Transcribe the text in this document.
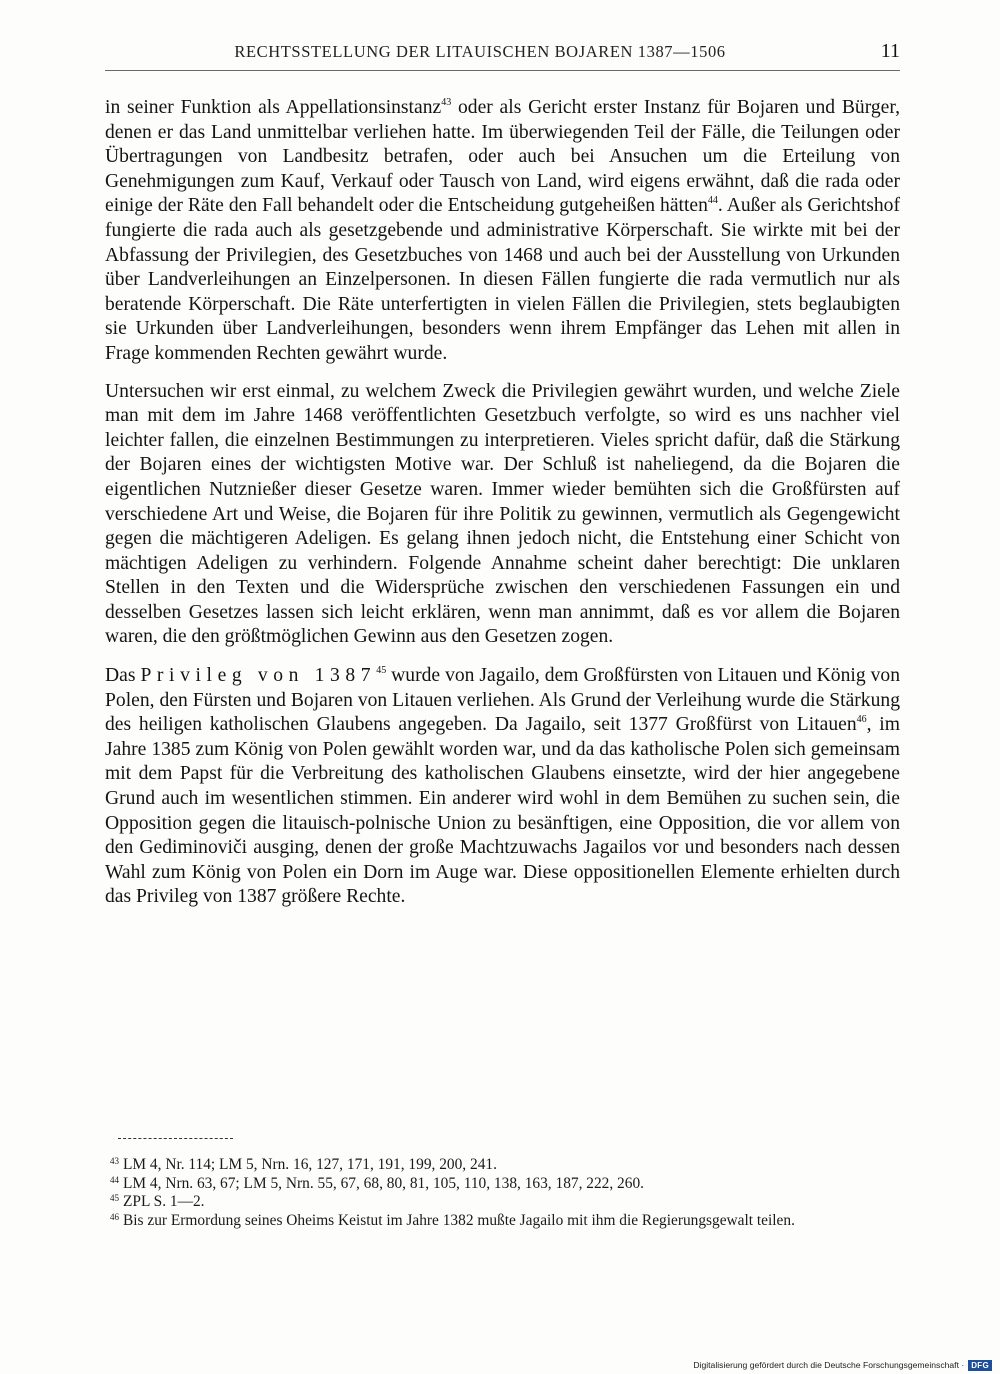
RECHTSSTELLUNG DER LITAUISCHEN BOJAREN 1387—1506	11

in seiner Funktion als Appellationsinstanz$^{43}$ oder als Gericht erster Instanz für Bojaren und Bürger, denen er das Land unmittelbar verliehen hatte. Im überwiegenden Teil der Fälle, die Teilungen oder Übertragungen von Landbesitz betrafen, oder auch bei Ansuchen um die Erteilung von Genehmigungen zum Kauf, Verkauf oder Tausch von Land, wird eigens erwähnt, daß die rada oder einige der Räte den Fall behandelt oder die Entscheidung gutgeheißen hätten$^{44}$. Außer als Gerichtshof fungierte die rada auch als gesetzgebende und administrative Körperschaft. Sie wirkte mit bei der Abfassung der Privilegien, des Gesetzbuches von 1468 und auch bei der Ausstellung von Urkunden über Landverleihungen an Einzelpersonen. In diesen Fällen fungierte die rada vermutlich nur als beratende Körperschaft. Die Räte unterfertigten in vielen Fällen die Privilegien, stets beglaubigten sie Urkunden über Landverleihungen, besonders wenn ihrem Empfänger das Lehen mit allen in Frage kommenden Rechten gewährt wurde.

Untersuchen wir erst einmal, zu welchem Zweck die Privilegien gewährt wurden, und welche Ziele man mit dem im Jahre 1468 veröffentlichten Gesetzbuch verfolgte, so wird es uns nachher viel leichter fallen, die einzelnen Bestimmungen zu interpretieren. Vieles spricht dafür, daß die Stärkung der Bojaren eines der wichtigsten Motive war. Der Schluß ist naheliegend, da die Bojaren die eigentlichen Nutznießer dieser Gesetze waren. Immer wieder bemühten sich die Großfürsten auf verschiedene Art und Weise, die Bojaren für ihre Politik zu gewinnen, vermutlich als Gegengewicht gegen die mächtigeren Adeligen. Es gelang ihnen jedoch nicht, die Entstehung einer Schicht von mächtigen Adeligen zu verhindern. Folgende Annahme scheint daher berechtigt: Die unklaren Stellen in den Texten und die Widersprüche zwischen den verschiedenen Fassungen ein und desselben Gesetzes lassen sich leicht erklären, wenn man annimmt, daß es vor allem die Bojaren waren, die den größtmöglichen Gewinn aus den Gesetzen zogen.

Das Privileg von 1387$^{45}$ wurde von Jagailo, dem Großfürsten von Litauen und König von Polen, den Fürsten und Bojaren von Litauen verliehen. Als Grund der Verleihung wurde die Stärkung des heiligen katholischen Glaubens angegeben. Da Jagailo, seit 1377 Großfürst von Litauen$^{46}$, im Jahre 1385 zum König von Polen gewählt worden war, und da das katholische Polen sich gemeinsam mit dem Papst für die Verbreitung des katholischen Glaubens einsetzte, wird der hier angegebene Grund auch im wesentlichen stimmen. Ein anderer wird wohl in dem Bemühen zu suchen sein, die Opposition gegen die litauisch-polnische Union zu besänftigen, eine Opposition, die vor allem von den Gediminoviči ausging, denen der große Machtzuwachs Jagailos vor und besonders nach dessen Wahl zum König von Polen ein Dorn im Auge war. Diese oppositionellen Elemente erhielten durch das Privileg von 1387 größere Rechte.

$^{43}$ LM 4, Nr. 114; LM 5, Nrn. 16, 127, 171, 191, 199, 200, 241.

$^{44}$ LM 4, Nrn. 63, 67; LM 5, Nrn. 55, 67, 68, 80, 81, 105, 110, 138, 163, 187, 222, 260.

$^{45}$ ZPL S. 1—2.

$^{46}$ Bis zur Ermordung seines Oheims Keistut im Jahre 1382 mußte Jagailo mit ihm die Regierungsgewalt teilen.

Digitalisierung gefördert durch die Deutsche Forschungsgemeinschaft · DFG
